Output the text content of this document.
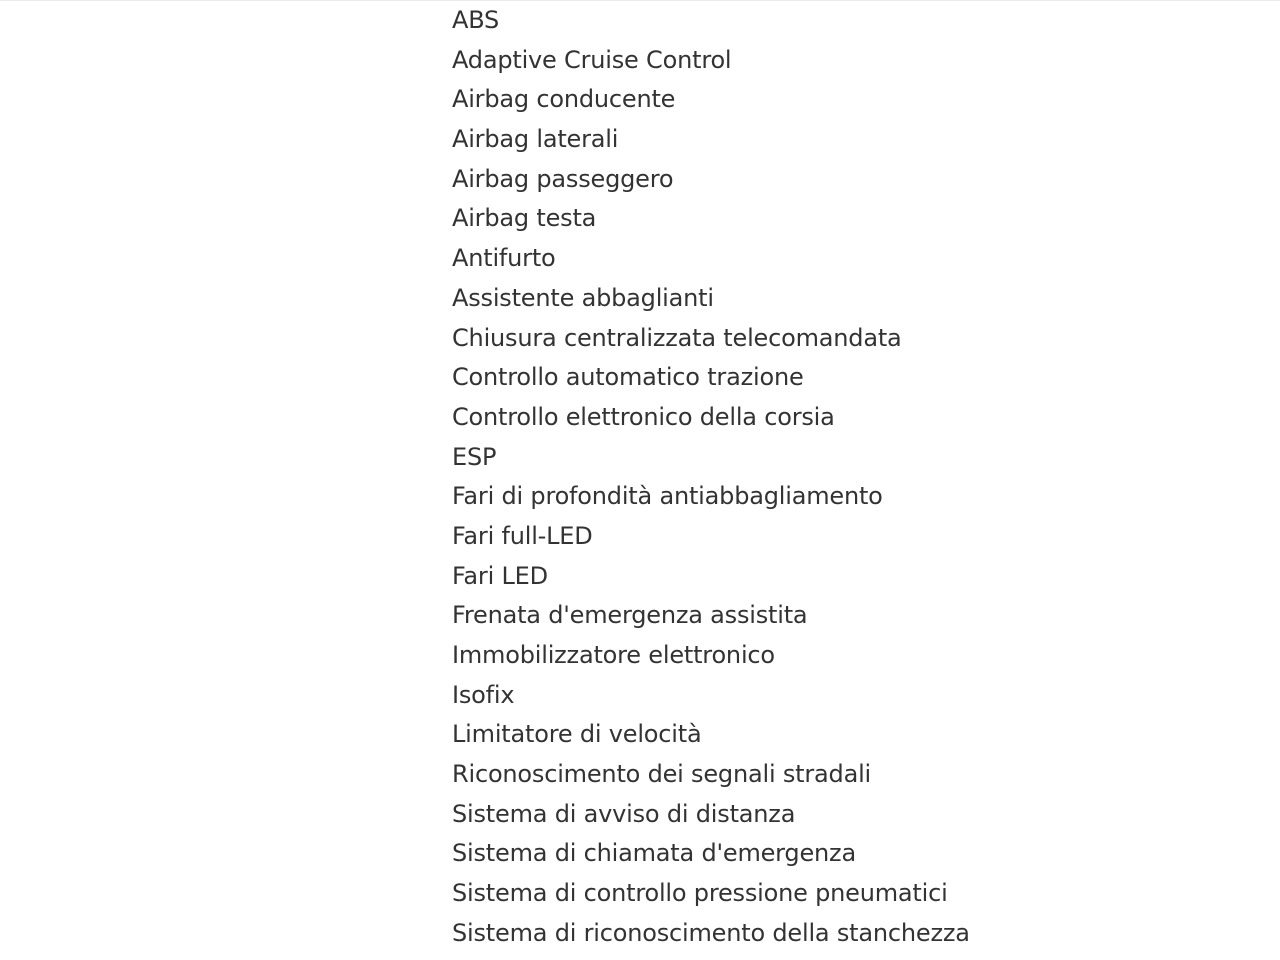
ABS
Adaptive Cruise Control
Airbag conducente
Airbag laterali
Airbag passeggero
Airbag testa
Antifurto
Assistente abbaglianti
Chiusura centralizzata telecomandata
Controllo automatico trazione
Controllo elettronico della corsia
ESP
Fari di profondità antiabbagliamento
Fari full-LED
Fari LED
Frenata d'emergenza assistita
Immobilizzatore elettronico
Isofix
Limitatore di velocità
Riconoscimento dei segnali stradali
Sistema di avviso di distanza
Sistema di chiamata d'emergenza
Sistema di controllo pressione pneumatici
Sistema di riconoscimento della stanchezza
